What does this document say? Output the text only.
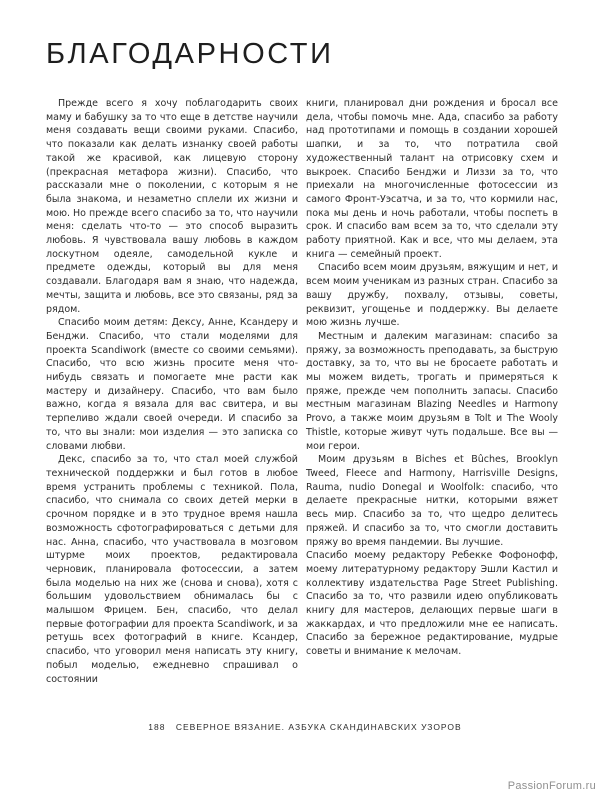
БЛАГОДАРНОСТИ

Прежде всего я хочу поблагодарить своих маму и бабушку за то что еще в детстве научили меня создавать вещи своими руками. Спасибо, что показали как делать изнанку своей работы такой же красивой, как лицевую сторону (прекрасная метафора жизни). Спасибо, что рассказали мне о поколении, с которым я не была знакома, и незаметно сплели их жизни и мою. Но прежде всего спасибо за то, что научили меня: сделать что-то — это способ выразить любовь. Я чувствовала вашу любовь в каждом лоскутном одеяле, самодельной кукле и предмете одежды, который вы для меня создавали. Благодаря вам я знаю, что надежда, мечты, защита и любовь, все это связаны, ряд за рядом.

Спасибо моим детям: Дексу, Анне, Ксандеру и Бенджи. Спасибо, что стали моделями для проекта Scandiwork (вместе со своими семьями). Спасибо, что всю жизнь просите меня что-нибудь связать и помогаете мне расти как мастеру и дизайнеру. Спасибо, что вам было важно, когда я вязала для вас свитера, и вы терпеливо ждали своей очереди. И спасибо за то, что вы знали: мои изделия — это записка со словами любви.

Декс, спасибо за то, что стал моей службой технической поддержки и был готов в любое время устранить проблемы с техникой. Пола, спасибо, что снимала со своих детей мерки в срочном порядке и в это трудное время нашла возможность сфотографироваться с детьми для нас. Анна, спасибо, что участвовала в мозговом штурме моих проектов, редактировала черновик, планировала фотосессии, а затем была моделью на них же (снова и снова), хотя с большим удовольствием обнималась бы с малышом Фрицем. Бен, спасибо, что делал первые фотографии для проекта Scandiwork, и за ретушь всех фотографий в книге. Ксандер, спасибо, что уговорил меня написать эту книгу, побыл моделью, ежедневно спрашивал о состоянии

книги, планировал дни рождения и бросал все дела, чтобы помочь мне. Ада, спасибо за работу над прототипами и помощь в создании хорошей шапки, и за то, что потратила свой художественный талант на отрисовку схем и выкроек. Спасибо Бенджи и Лиззи за то, что приехали на многочисленные фотосессии из самого Фронт-Уэсатча, и за то, что кормили нас, пока мы день и ночь работали, чтобы поспеть в срок. И спасибо вам всем за то, что сделали эту работу приятной. Как и все, что мы делаем, эта книга — семейный проект.

Спасибо всем моим друзьям, вяжущим и нет, и всем моим ученикам из разных стран. Спасибо за вашу дружбу, похвалу, отзывы, советы, реквизит, угощенье и поддержку. Вы делаете мою жизнь лучше.

Местным и далеким магазинам: спасибо за пряжу, за возможность преподавать, за быструю доставку, за то, что вы не бросаете работать и мы можем видеть, трогать и примеряться к пряже, прежде чем пополнить запасы. Спасибо местным магазинам Blazing Needles и Harmony Provo, а также моим друзьям в Tolt и The Wooly Thistle, которые живут чуть подальше. Все вы — мои герои.

Моим друзьям в Biches et Bûches, Brooklyn Tweed, Fleece and Harmony, Harrisville Designs, Rauma, nudio Donegal и Woolfolk: спасибо, что делаете прекрасные нитки, которыми вяжет весь мир. Спасибо за то, что щедро делитесь пряжей. И спасибо за то, что смогли доставить пряжу во время пандемии. Вы лучшие.

Спасибо моему редактору Ребекке Фофонофф, моему литературному редактору Эшли Кастил и коллективу издательства Page Street Publishing. Спасибо за то, что развили идею опубликовать книгу для мастеров, делающих первые шаги в жаккардах, и что предложили мне ее написать. Спасибо за бережное редактирование, мудрые советы и внимание к мелочам.

188 СЕВЕРНОЕ ВЯЗАНИЕ. АЗБУКА СКАНДИНАВСКИХ УЗОРОВ
PassionForum.ru
